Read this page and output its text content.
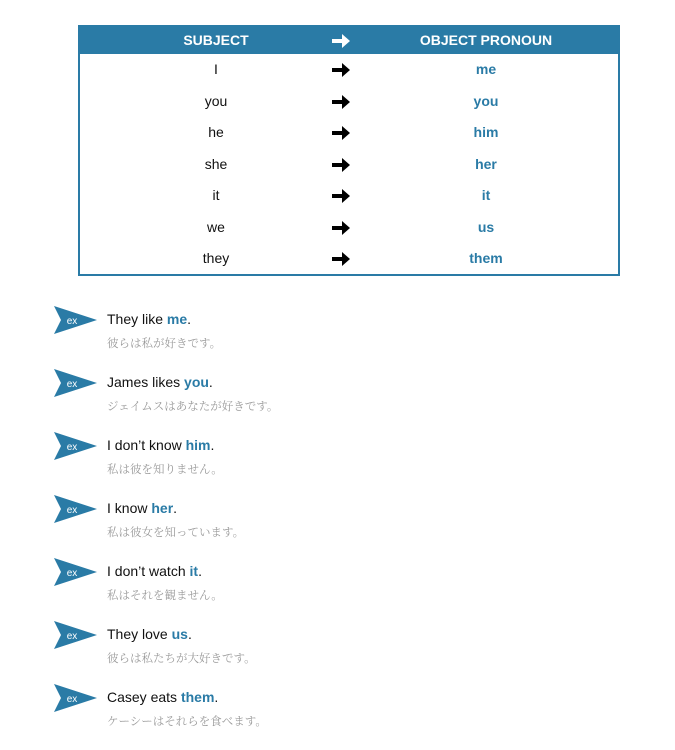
SUBJECT	OBJECT PRONOUN
I	me
you	you
he	him
she	her
it	it
we	us
they	them
ex They like me.
彼らは私が好きです。
ex James likes you.
ジェイムスはあなたが好きです。
ex I don’t know him.
私は彼を知りません。
ex I know her.
私は彼女を知っています。
ex I don’t watch it.
私はそれを観ません。
ex They love us.
彼らは私たちが大好きです。
ex Casey eats them.
ケーシーはそれらを食べます。
